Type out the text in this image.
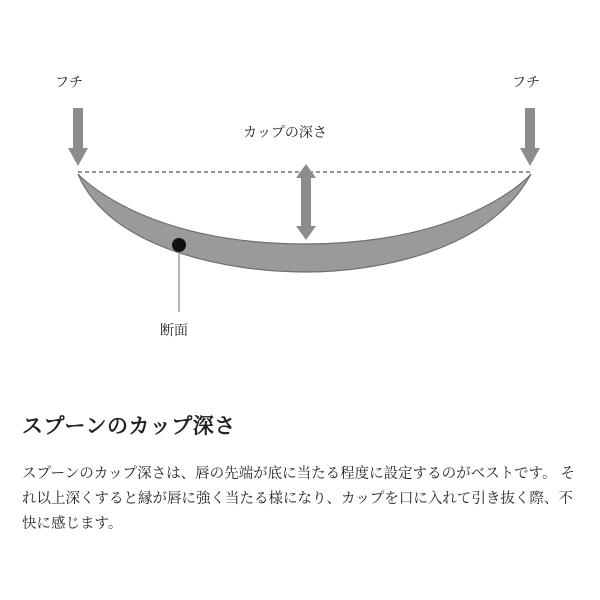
フチ	フチ
カップの深さ
断面
スプーンのカップ深さ

スプーンのカップ深さは、唇の先端が底に当たる程度に設定するのがベストです。 それ以上深くすると縁が唇に強く当たる様になり、カップを口に入れて引き抜く際、不快に感じます。
